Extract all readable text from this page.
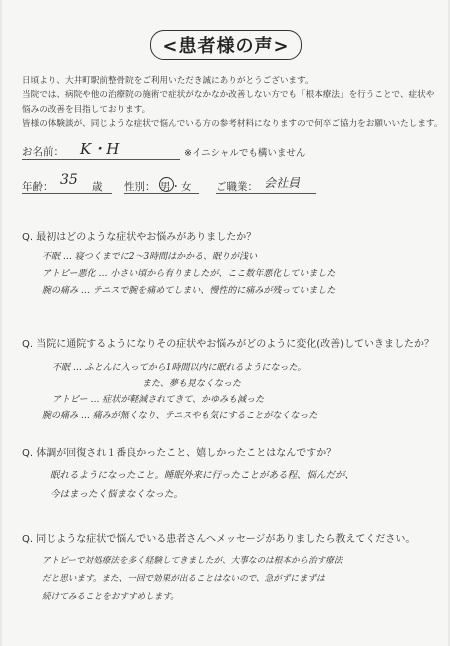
<患者様の声>
日頃より、大井町駅前整骨院をご利用いただき誠にありがとうございます。
当院では、病院や他の治療院の施術で症状がなかなか改善しない方でも「根本療法」を行うことで、症状や
悩みの改善を目指しております。
皆様の体験談が、同じような症状で悩んでいる方の参考材料になりますので何卒ご協力をお願いいたします。
お名前： K・H	※イニシャルでも構いません
年齢： 35 歳 性別： 男・女 ご職業： 会社員
Q. 最初はどのような症状やお悩みがありましたか？
不眠 … 寝つくまでに2〜3時間はかかる、眠りが浅い
アトピー悪化 … 小さい頃から有りましたが、ここ数年悪化していました
腕の痛み … テニスで腕を痛めてしまい、慢性的に痛みが残っていました
Q. 当院に通院するようになりその症状やお悩みがどのように変化(改善)していきましたか？
不眠 … ふとんに入ってから1時間以内に眠れるようになった。
また、夢も見なくなった
アトピー … 症状が軽減されてきて、かゆみも減った
腕の痛み … 痛みが無くなり、テニスやも気にすることがなくなった
Q. 体調が回復され１番良かったこと、嬉しかったことはなんですか？
眠れるようになったこと。睡眠外来に行ったことがある程、悩んだが、
今はまったく悩まなくなった。
Q. 同じような症状で悩んでいる患者さんへメッセージがありましたら教えてください。
アトピーで対処療法を多く経験してきましたが、大事なのは根本から治す療法
だと思います。また、一回で効果が出ることはないので、急がずにまずは
続けてみることをおすすめします。
